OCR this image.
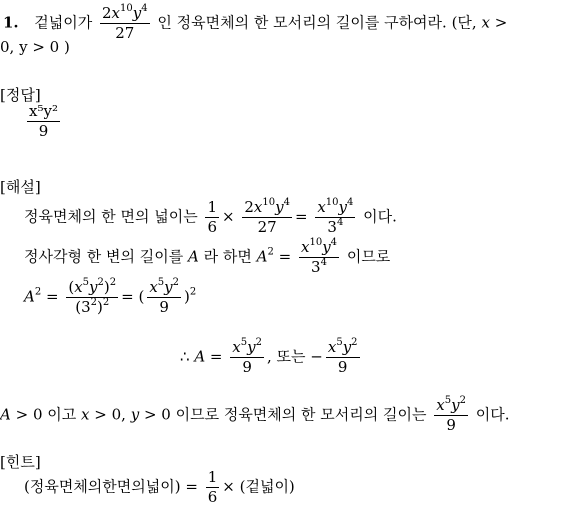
1. 겉넓이가 $\frac{2x^{10}y^4}{27}$ 인 정육면체의 한 모서리의 길이를 구하여라. (단, x >
0, y > 0 )
[정답]
$\frac{\text{x⁵y²}}{9}$
[해설]
정육면체의 한 면의 넓이는 $\frac{1}{6} \times \frac{2x^{10}y^4}{27} = \frac{x^{10}y^4}{3^4}$ 이다.
정사각형 한 변의 길이를 A 라 하면 $A^2 = \frac{x^{10}y^4}{3^4}$ 이므로
$A^2 = \frac{(x^5y^2)^2}{(3^2)^2}$ = ( $\frac{x^5y^2}{9} )^2$
∴ $A = \frac{x^5y^2}{9}$ , 또는 − $\frac{x^5y^2}{9}$
A > 0 이고 x > 0, y > 0 이므로 정육면체의 한 모서리의 길이는 $\frac{x^5y^2}{9}$ 이다.
[힌트]
(정육면체의한면의넓이) = $\frac{1}{6}$ × (겉넓이)
